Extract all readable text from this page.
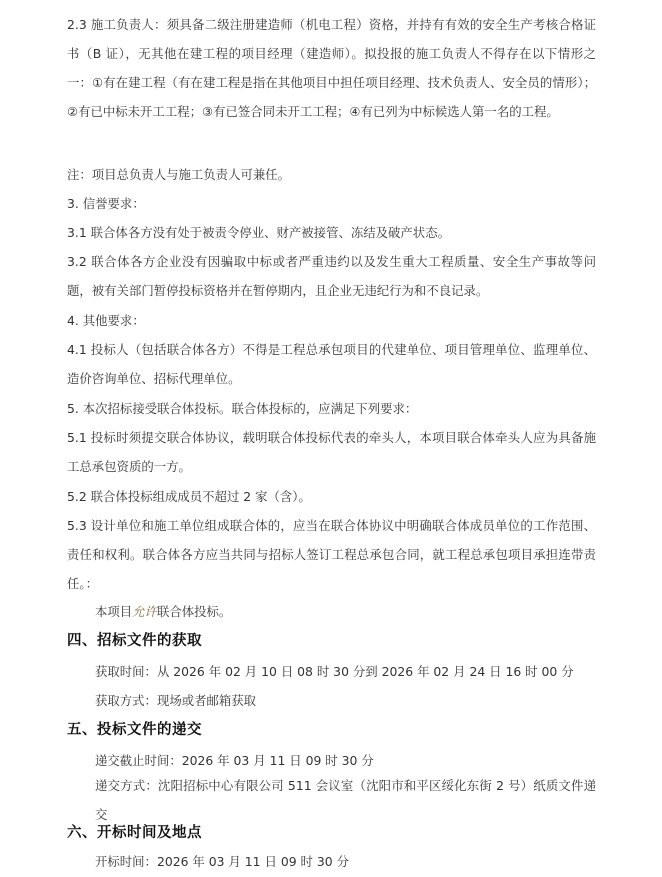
2.3 施工负责人：须具备二级注册建造师（机电工程）资格，并持有有效的安全生产考核合格证书（B 证），无其他在建工程的项目经理（建造师）。拟投报的施工负责人不得存在以下情形之一：①有在建工程（有在建工程是指在其他项目中担任项目经理、技术负责人、安全员的情形）；②有已中标未开工工程；③有已签合同未开工工程；④有已列为中标候选人第一名的工程。
注：项目总负责人与施工负责人可兼任。
3. 信誉要求：
3.1 联合体各方没有处于被责令停业、财产被接管、冻结及破产状态。
3.2 联合体各方企业没有因骗取中标或者严重违约以及发生重大工程质量、安全生产事故等问题，被有关部门暂停投标资格并在暂停期内，且企业无违纪行为和不良记录。
4. 其他要求：
4.1 投标人（包括联合体各方）不得是工程总承包项目的代建单位、项目管理单位、监理单位、造价咨询单位、招标代理单位。
5. 本次招标接受联合体投标。联合体投标的，应满足下列要求：
5.1 投标时须提交联合体协议，载明联合体投标代表的牵头人，本项目联合体牵头人应为具备施工总承包资质的一方。
5.2 联合体投标组成成员不超过 2 家（含）。
5.3 设计单位和施工单位组成联合体的，应当在联合体协议中明确联合体成员单位的工作范围、责任和权利。联合体各方应当共同与招标人签订工程总承包合同，就工程总承包项目承担连带责任。：
本项目允许联合体投标。
四、招标文件的获取
获取时间：从 2026 年 02 月 10 日 08 时 30 分到 2026 年 02 月 24 日 16 时 00 分
获取方式：现场或者邮箱获取
五、投标文件的递交
递交截止时间：2026 年 03 月 11 日 09 时 30 分
递交方式：沈阳招标中心有限公司 511 会议室（沈阳市和平区绥化东街 2 号）纸质文件递交
六、开标时间及地点
开标时间：2026 年 03 月 11 日 09 时 30 分
